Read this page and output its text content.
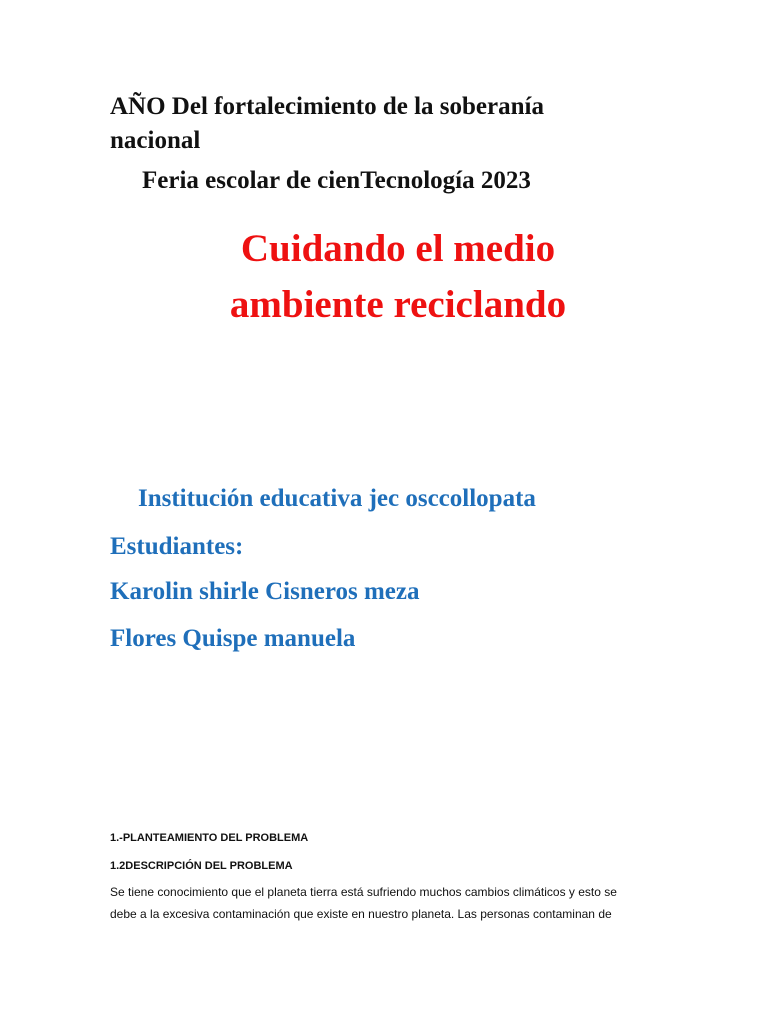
AÑO Del fortalecimiento de la soberanía

nacional

Feria escolar de cienTecnología 2023

Cuidando el medio

ambiente reciclando

Institución educativa jec osccollopata

Estudiantes:

Karolin shirle Cisneros meza

Flores Quispe manuela

1.-PLANTEAMIENTO DEL PROBLEMA

1.2DESCRIPCIÓN DEL PROBLEMA

Se tiene conocimiento que el planeta tierra está sufriendo muchos cambios climáticos y esto se

debe a la excesiva contaminación que existe en nuestro planeta. Las personas contaminan de
